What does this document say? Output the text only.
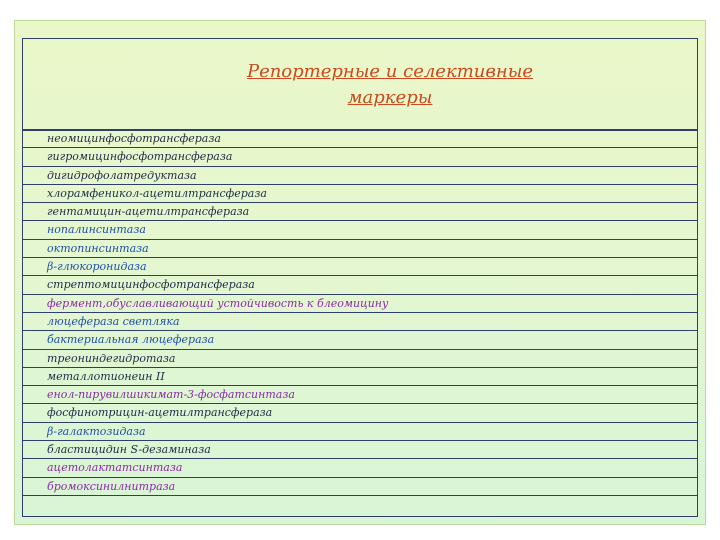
Репортерные и селективные
маркеры
неомицинфосфотрансфераза
гигромицинфосфотрансфераза
дигидрофолатредуктаза
хлорамфеникол-ацетилтрансфераза
гентамицин-ацетилтрансфераза
нопалинсинтаза
октопинсинтаза
β-глюкоронидаза
стрептомицинфосфотрансфераза
фермент,обуславливающий устойчивость к блеомицину
люцефераза светляка
бактериальная люцефераза
треониндегидротаза
металлотионеин II
енол-пирувилшикимат-3-фосфатсинтаза
фосфинотрицин-ацетилтрансфераза
β-галактозидаза
бластицидин S-дезаминаза
ацетолактатсинтаза
бромоксинилнитраза
